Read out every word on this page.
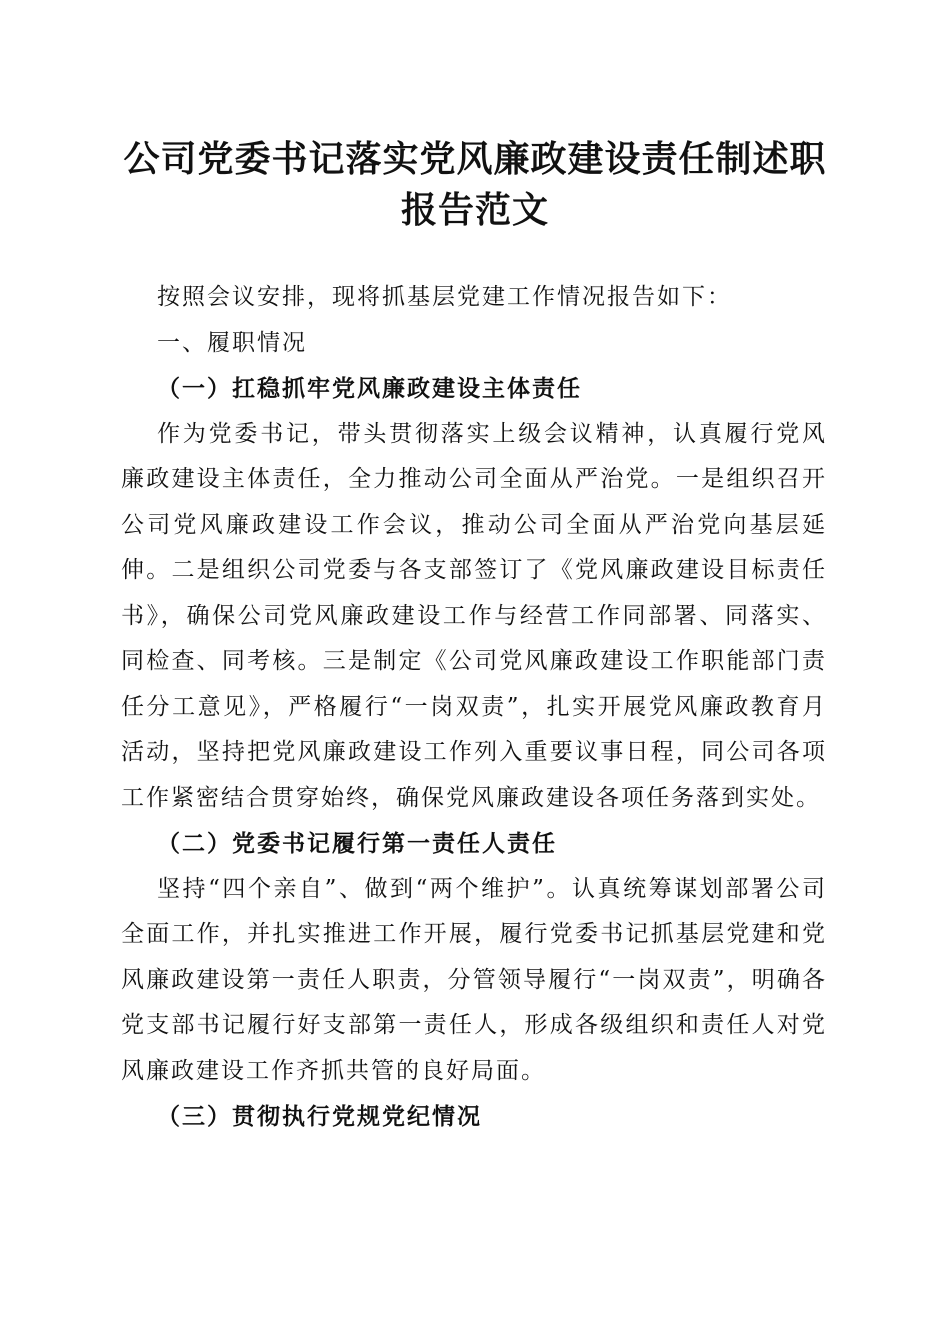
公司党委书记落实党风廉政建设责任制述职报告范文

按照会议安排，现将抓基层党建工作情况报告如下：

一、履职情况

（一）扛稳抓牢党风廉政建设主体责任

作为党委书记，带头贯彻落实上级会议精神，认真履行党风廉政建设主体责任，全力推动公司全面从严治党。一是组织召开公司党风廉政建设工作会议，推动公司全面从严治党向基层延伸。二是组织公司党委与各支部签订了《党风廉政建设目标责任书》，确保公司党风廉政建设工作与经营工作同部署、同落实、同检查、同考核。三是制定《公司党风廉政建设工作职能部门责任分工意见》，严格履行“一岗双责”，扎实开展党风廉政教育月活动，坚持把党风廉政建设工作列入重要议事日程，同公司各项工作紧密结合贯穿始终，确保党风廉政建设各项任务落到实处。

（二）党委书记履行第一责任人责任

坚持“四个亲自”、做到“两个维护”。认真统筹谋划部署公司全面工作，并扎实推进工作开展，履行党委书记抓基层党建和党风廉政建设第一责任人职责，分管领导履行“一岗双责”，明确各党支部书记履行好支部第一责任人，形成各级组织和责任人对党风廉政建设工作齐抓共管的良好局面。

（三）贯彻执行党规党纪情况
